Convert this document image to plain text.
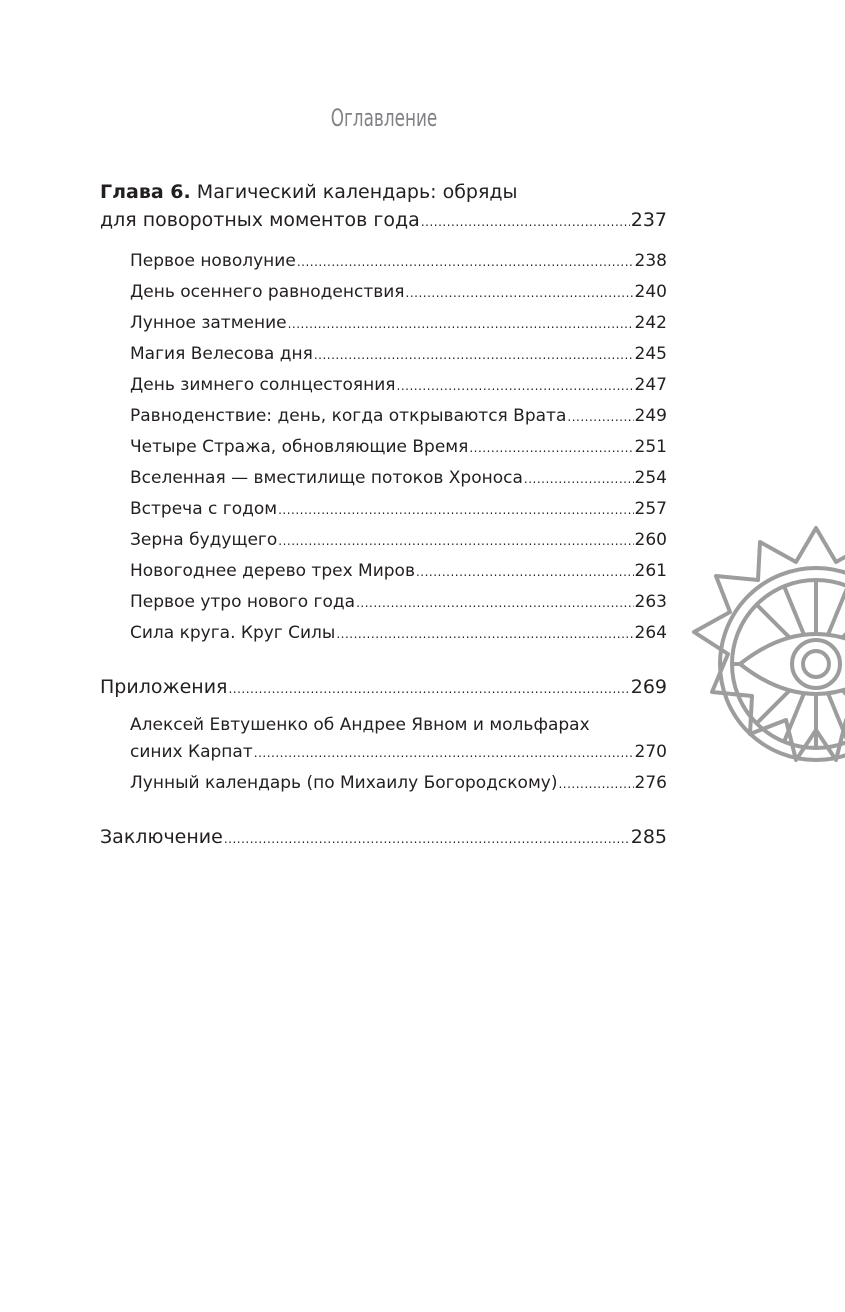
Оглавление
Глава 6. Магический календарь: обряды
для поворотных моментов года .....	237
Первое новолуние .....	238
День осеннего равноденствия .....	240
Лунное затмение .....	242
Магия Велесова дня .....	245
День зимнего солнцестояния .....	247
Равноденствие: день, когда открываются Врата .....	249
Четыре Стража, обновляющие Время .....	251
Вселенная — вместилище потоков Хроноса .....	254
Встреча с годом .....	257
Зерна будущего .....	260
Новогоднее дерево трех Миров .....	261
Первое утро нового года .....	263
Сила круга. Круг Силы .....	264
Приложения .....	269
Алексей Евтушенко об Андрее Явном и мольфарах
синих Карпат .....	270
Лунный календарь (по Михаилу Богородскому) .....	276
Заключение .....	285
